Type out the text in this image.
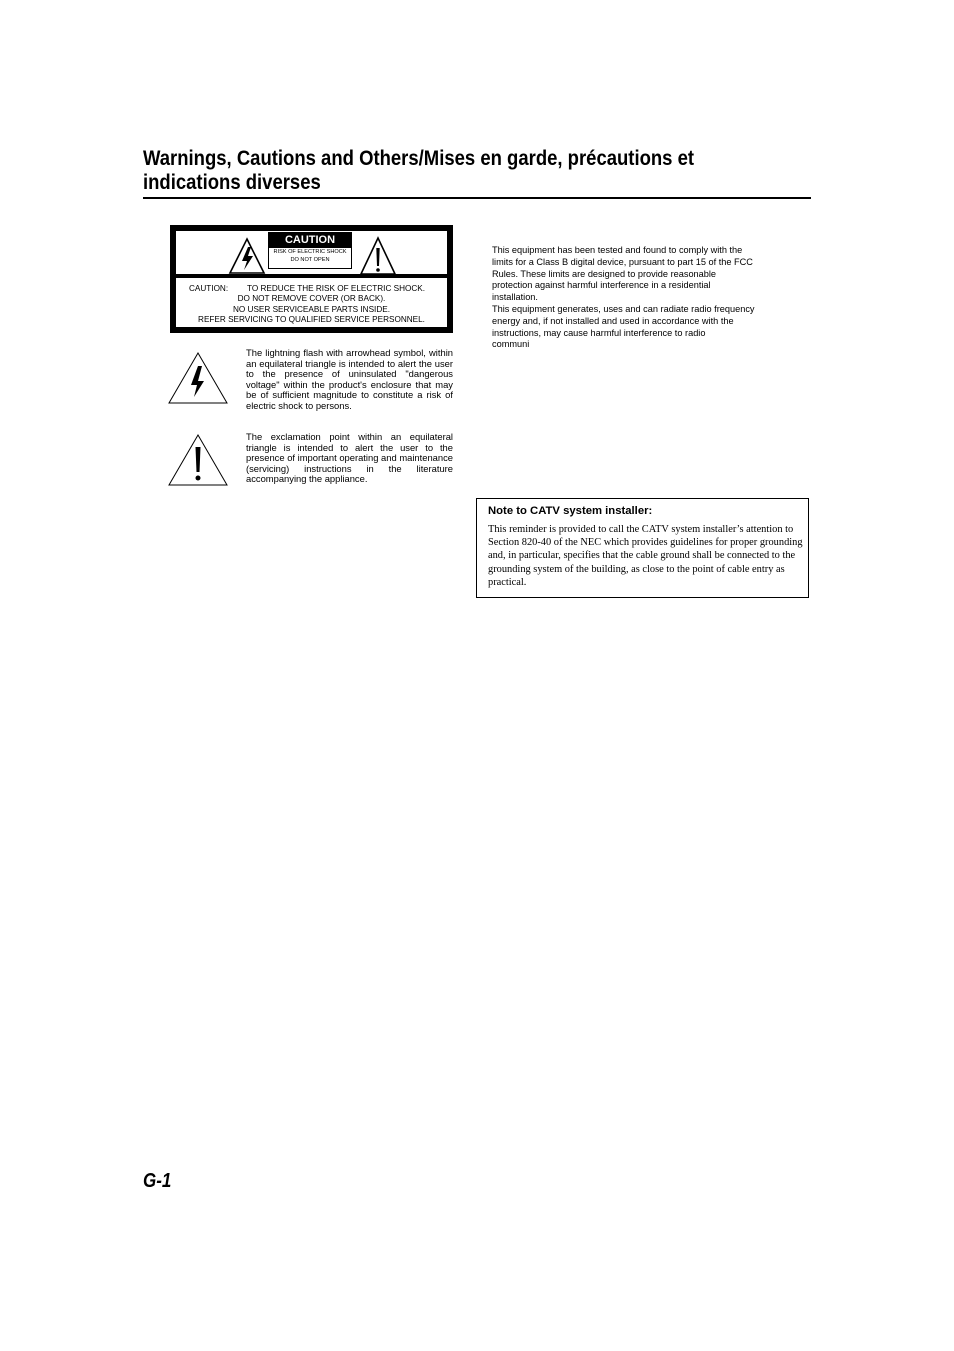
Warnings, Cautions and Others/Mises en garde, précautions et
indications diverses
CAUTION
RISK OF ELECTRIC SHOCK
DO NOT OPEN
CAUTION:	TO REDUCE THE RISK OF ELECTRIC SHOCK.
DO NOT REMOVE COVER (OR BACK).
NO USER SERVICEABLE PARTS INSIDE.
REFER SERVICING TO QUALIFIED SERVICE PERSONNEL.

The lightning flash with arrowhead symbol, within an equilateral triangle is intended to alert the user to the presence of uninsulated "dangerous voltage" within the product's enclosure that may be of sufficient magnitude to constitute a risk of electric shock to persons.

The exclamation point within an equilateral triangle is intended to alert the user to the presence of important operating and maintenance (servicing) instructions in the literature accompanying the appliance.

This equipment has been tested and found to comply with the
limits for a Class B digital device, pursuant to part 15 of the FCC
Rules. These limits are designed to provide reasonable
protection against harmful interference in a residential
installation.
This equipment generates, uses and can radiate radio frequency
energy and, if not installed and used in accordance with the
instructions, may cause harmful interference to radio
communi

Note to CATV system installer:

This reminder is provided to call the CATV system installer’s attention to Section 820-40 of the NEC which provides guidelines for proper grounding and, in particular, specifies that the cable ground shall be connected to the grounding system of the building, as close to the point of cable entry as practical.

G-1
